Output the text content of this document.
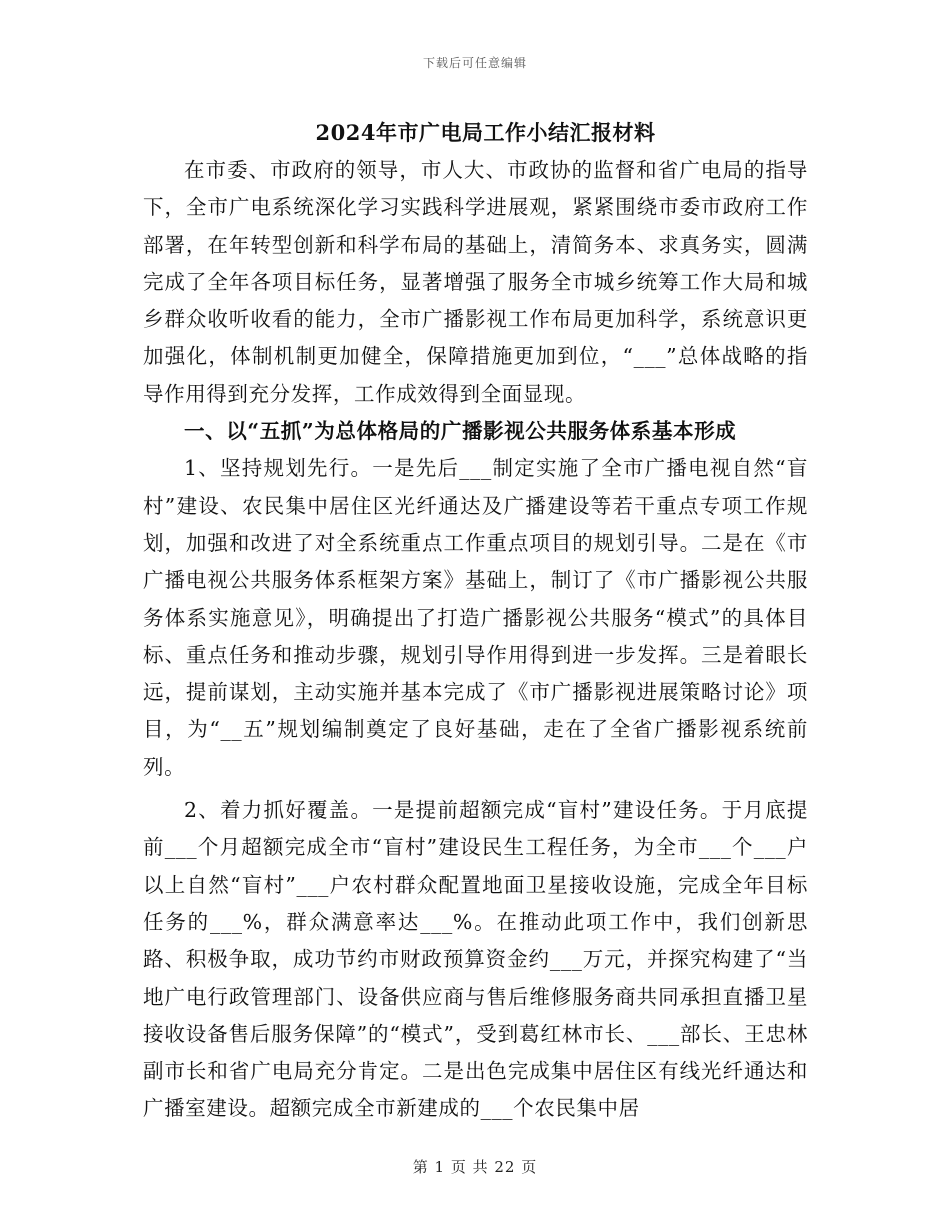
下载后可任意编辑
2024年市广电局工作小结汇报材料

在市委、市政府的领导，市人大、市政协的监督和省广电局的指导下，全市广电系统深化学习实践科学进展观，紧紧围绕市委市政府工作部署，在年转型创新和科学布局的基础上，清简务本、求真务实，圆满完成了全年各项目标任务，显著增强了服务全市城乡统筹工作大局和城乡群众收听收看的能力，全市广播影视工作布局更加科学，系统意识更加强化，体制机制更加健全，保障措施更加到位，“___”总体战略的指导作用得到充分发挥，工作成效得到全面显现。

一、以“五抓”为总体格局的广播影视公共服务体系基本形成

1、坚持规划先行。一是先后___制定实施了全市广播电视自然“盲村”建设、农民集中居住区光纤通达及广播建设等若干重点专项工作规划，加强和改进了对全系统重点工作重点项目的规划引导。二是在《市广播电视公共服务体系框架方案》基础上，制订了《市广播影视公共服务体系实施意见》，明确提出了打造广播影视公共服务“模式”的具体目标、重点任务和推动步骤，规划引导作用得到进一步发挥。三是着眼长远，提前谋划，主动实施并基本完成了《市广播影视进展策略讨论》项目，为“__五”规划编制奠定了良好基础，走在了全省广播影视系统前列。

2、着力抓好覆盖。一是提前超额完成“盲村”建设任务。于月底提前___个月超额完成全市“盲村”建设民生工程任务，为全市___个___户以上自然“盲村”___户农村群众配置地面卫星接收设施，完成全年目标任务的___%，群众满意率达___%。在推动此项工作中，我们创新思路、积极争取，成功节约市财政预算资金约___万元，并探究构建了“当地广电行政管理部门、设备供应商与售后维修服务商共同承担直播卫星接收设备售后服务保障”的“模式”，受到葛红林市长、___部长、王忠林副市长和省广电局充分肯定。二是出色完成集中居住区有线光纤通达和广播室建设。超额完成全市新建成的___个农民集中居

第 1 页 共 22 页
